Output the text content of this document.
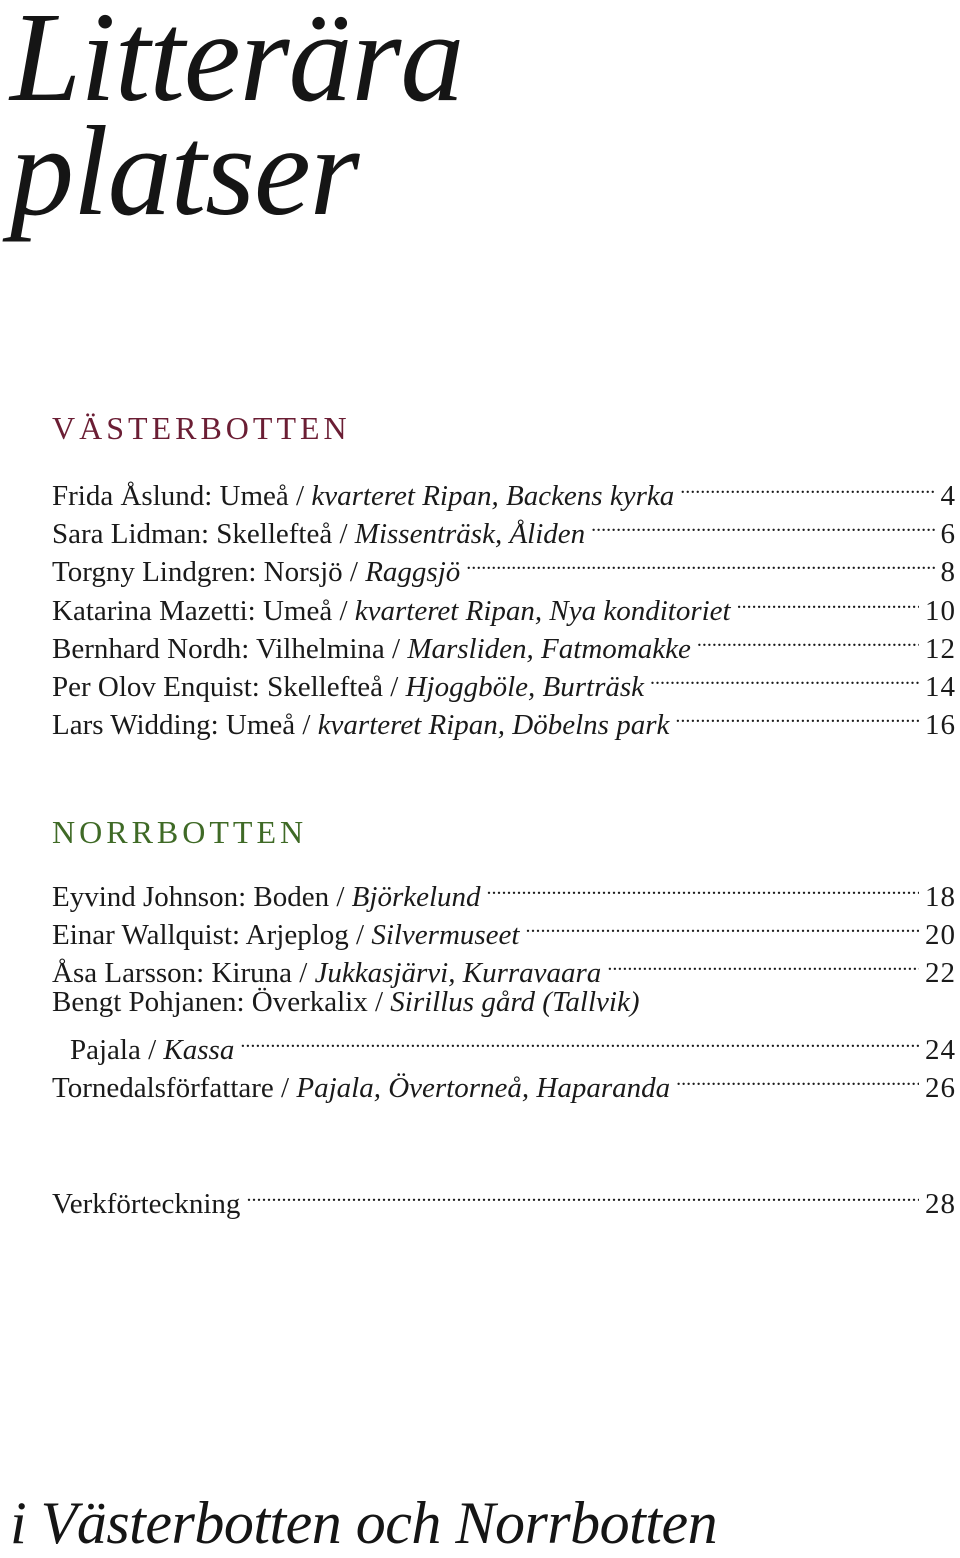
Litterära
platser
VÄSTERBOTTEN
Frida Åslund: Umeå / kvarteret Ripan, Backens kyrka .....	4
Sara Lidman: Skellefteå / Missenträsk, Åliden .....	6
Torgny Lindgren: Norsjö / Raggsjö .....	8
Katarina Mazetti: Umeå / kvarteret Ripan, Nya konditoriet .....	10
Bernhard Nordh: Vilhelmina / Marsliden, Fatmomakke .....	12
Per Olov Enquist: Skellefteå / Hjoggböle, Burträsk .....	14
Lars Widding: Umeå / kvarteret Ripan, Döbelns park .....	16
NORRBOTTEN
Eyvind Johnson: Boden / Björkelund .....	18
Einar Wallquist: Arjeplog / Silvermuseet .....	20
Åsa Larsson: Kiruna / Jukkasjärvi, Kurravaara .....	22
Bengt Pohjanen: Överkalix / Sirillus gård (Tallvik)
Pajala / Kassa .....	24
Tornedalsförfattare / Pajala, Övertorneå, Haparanda .....	26
Verkförteckning .....	28
i Västerbotten och Norrbotten
